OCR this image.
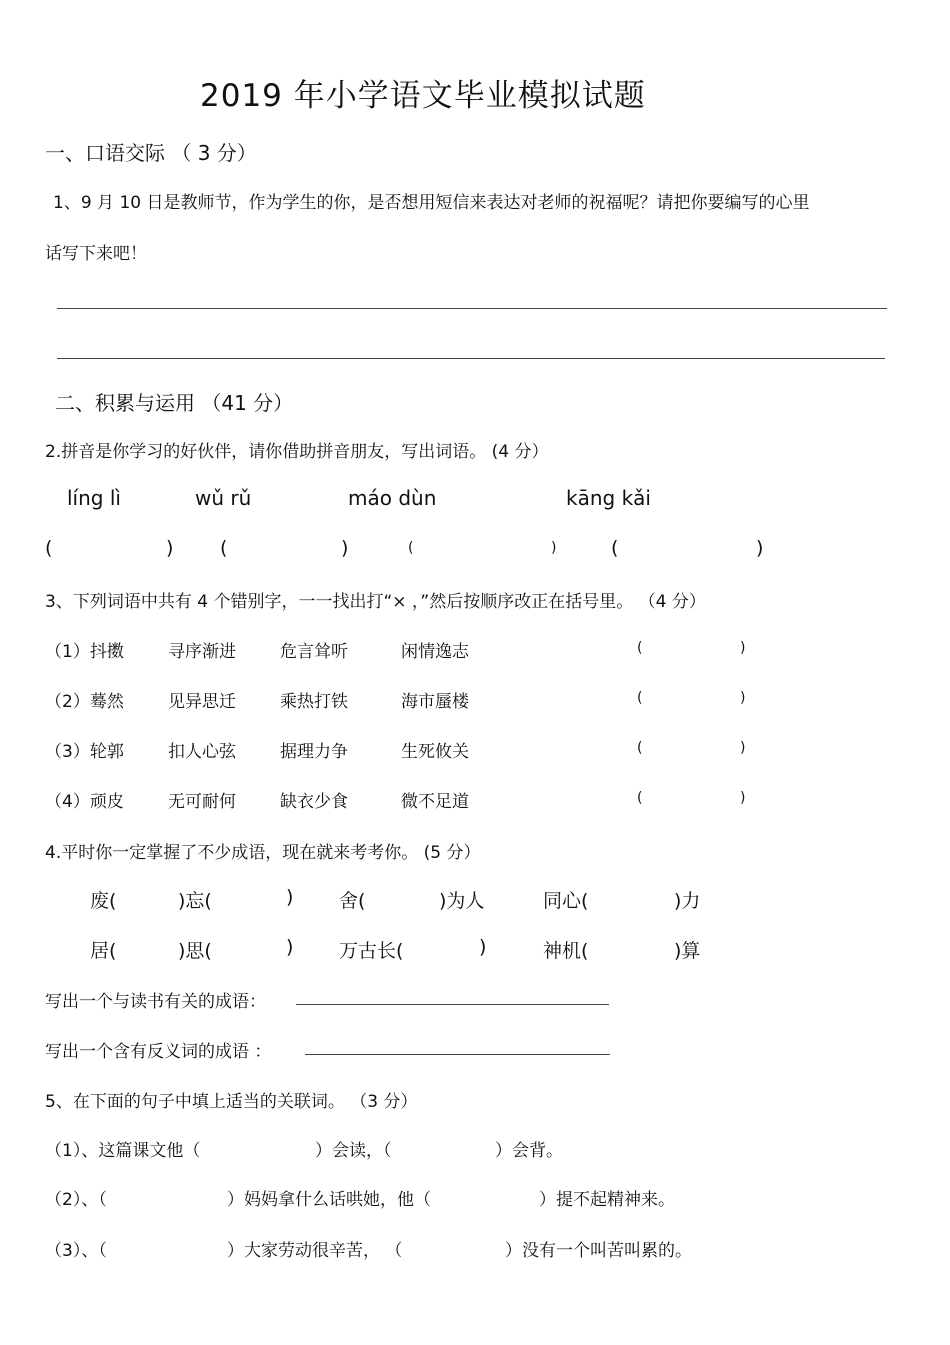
2019 年小学语文毕业模拟试题
一、口语交际 （ 3 分）
1、9 月 10 日是教师节，作为学生的你，是否想用短信来表达对老师的祝福呢？请把你要编写的心里
话写下来吧！
二、积累与运用 （41 分）
2.拼音是你学习的好伙伴，请你借助拼音朋友，写出词语。 (4 分）
líng lì	wǔ rǔ	máo dùn	kāng kǎi
(	) (	)	(	)	(	)
3、下列词语中共有 4 个错别字，一一找出打“× ，”然后按顺序改正在括号里。 （4 分）
（1）抖擞	寻序渐进	危言耸听	闲情逸志	(	)
（2）蓦然	见异思迁	乘热打铁	海市蜃楼	(	)
（3）轮郭	扣人心弦	据理力争	生死攸关	(	)
（4）顽皮	无可耐何	缺衣少食	微不足道	(	)
4.平时你一定掌握了不少成语，现在就来考考你。 (5 分）
废(	)忘(	) 舍(	)为人	同心(	)力
居(	)思(	) 万古长(	)	神机(	)算
写出一个与读书有关的成语：
写出一个含有反义词的成语 ：
5、在下面的句子中填上适当的关联词。 （3 分）
（1）、这篇课文他（	）会读，（	）会背。
（2）、（	）妈妈拿什么话哄她，他（	）提不起精神来。
（3）、（	）大家劳动很辛苦， （	）没有一个叫苦叫累的。
